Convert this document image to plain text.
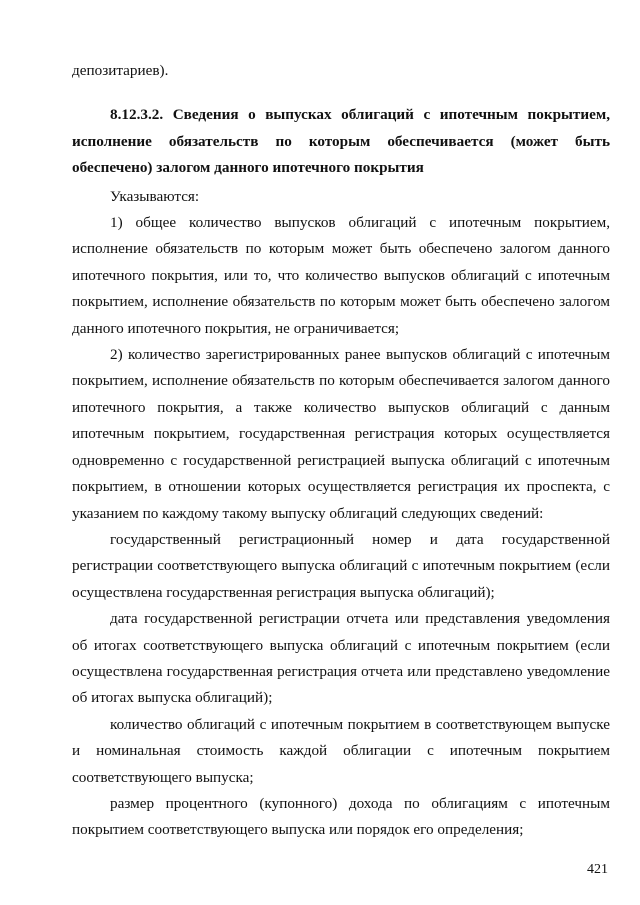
депозитариев).

8.12.3.2. Сведения о выпусках облигаций с ипотечным покрытием, исполнение обязательств по которым обеспечивается (может быть обеспечено) залогом данного ипотечного покрытия

Указываются:

1) общее количество выпусков облигаций с ипотечным покрытием, исполнение обязательств по которым может быть обеспечено залогом данного ипотечного покрытия, или то, что количество выпусков облигаций с ипотечным покрытием, исполнение обязательств по которым может быть обеспечено залогом данного ипотечного покрытия, не ограничивается;

2) количество зарегистрированных ранее выпусков облигаций с ипотечным покрытием, исполнение обязательств по которым обеспечивается залогом данного ипотечного покрытия, а также количество выпусков облигаций с данным ипотечным покрытием, государственная регистрация которых осуществляется одновременно с государственной регистрацией выпуска облигаций с ипотечным покрытием, в отношении которых осуществляется регистрация их проспекта, с указанием по каждому такому выпуску облигаций следующих сведений:

государственный регистрационный номер и дата государственной регистрации соответствующего выпуска облигаций с ипотечным покрытием (если осуществлена государственная регистрация выпуска облигаций);

дата государственной регистрации отчета или представления уведомления об итогах соответствующего выпуска облигаций с ипотечным покрытием (если осуществлена государственная регистрация отчета или представлено уведомление об итогах выпуска облигаций);

количество облигаций с ипотечным покрытием в соответствующем выпуске и номинальная стоимость каждой облигации с ипотечным покрытием соответствующего выпуска;

размер процентного (купонного) дохода по облигациям с ипотечным покрытием соответствующего выпуска или порядок его определения;

421
